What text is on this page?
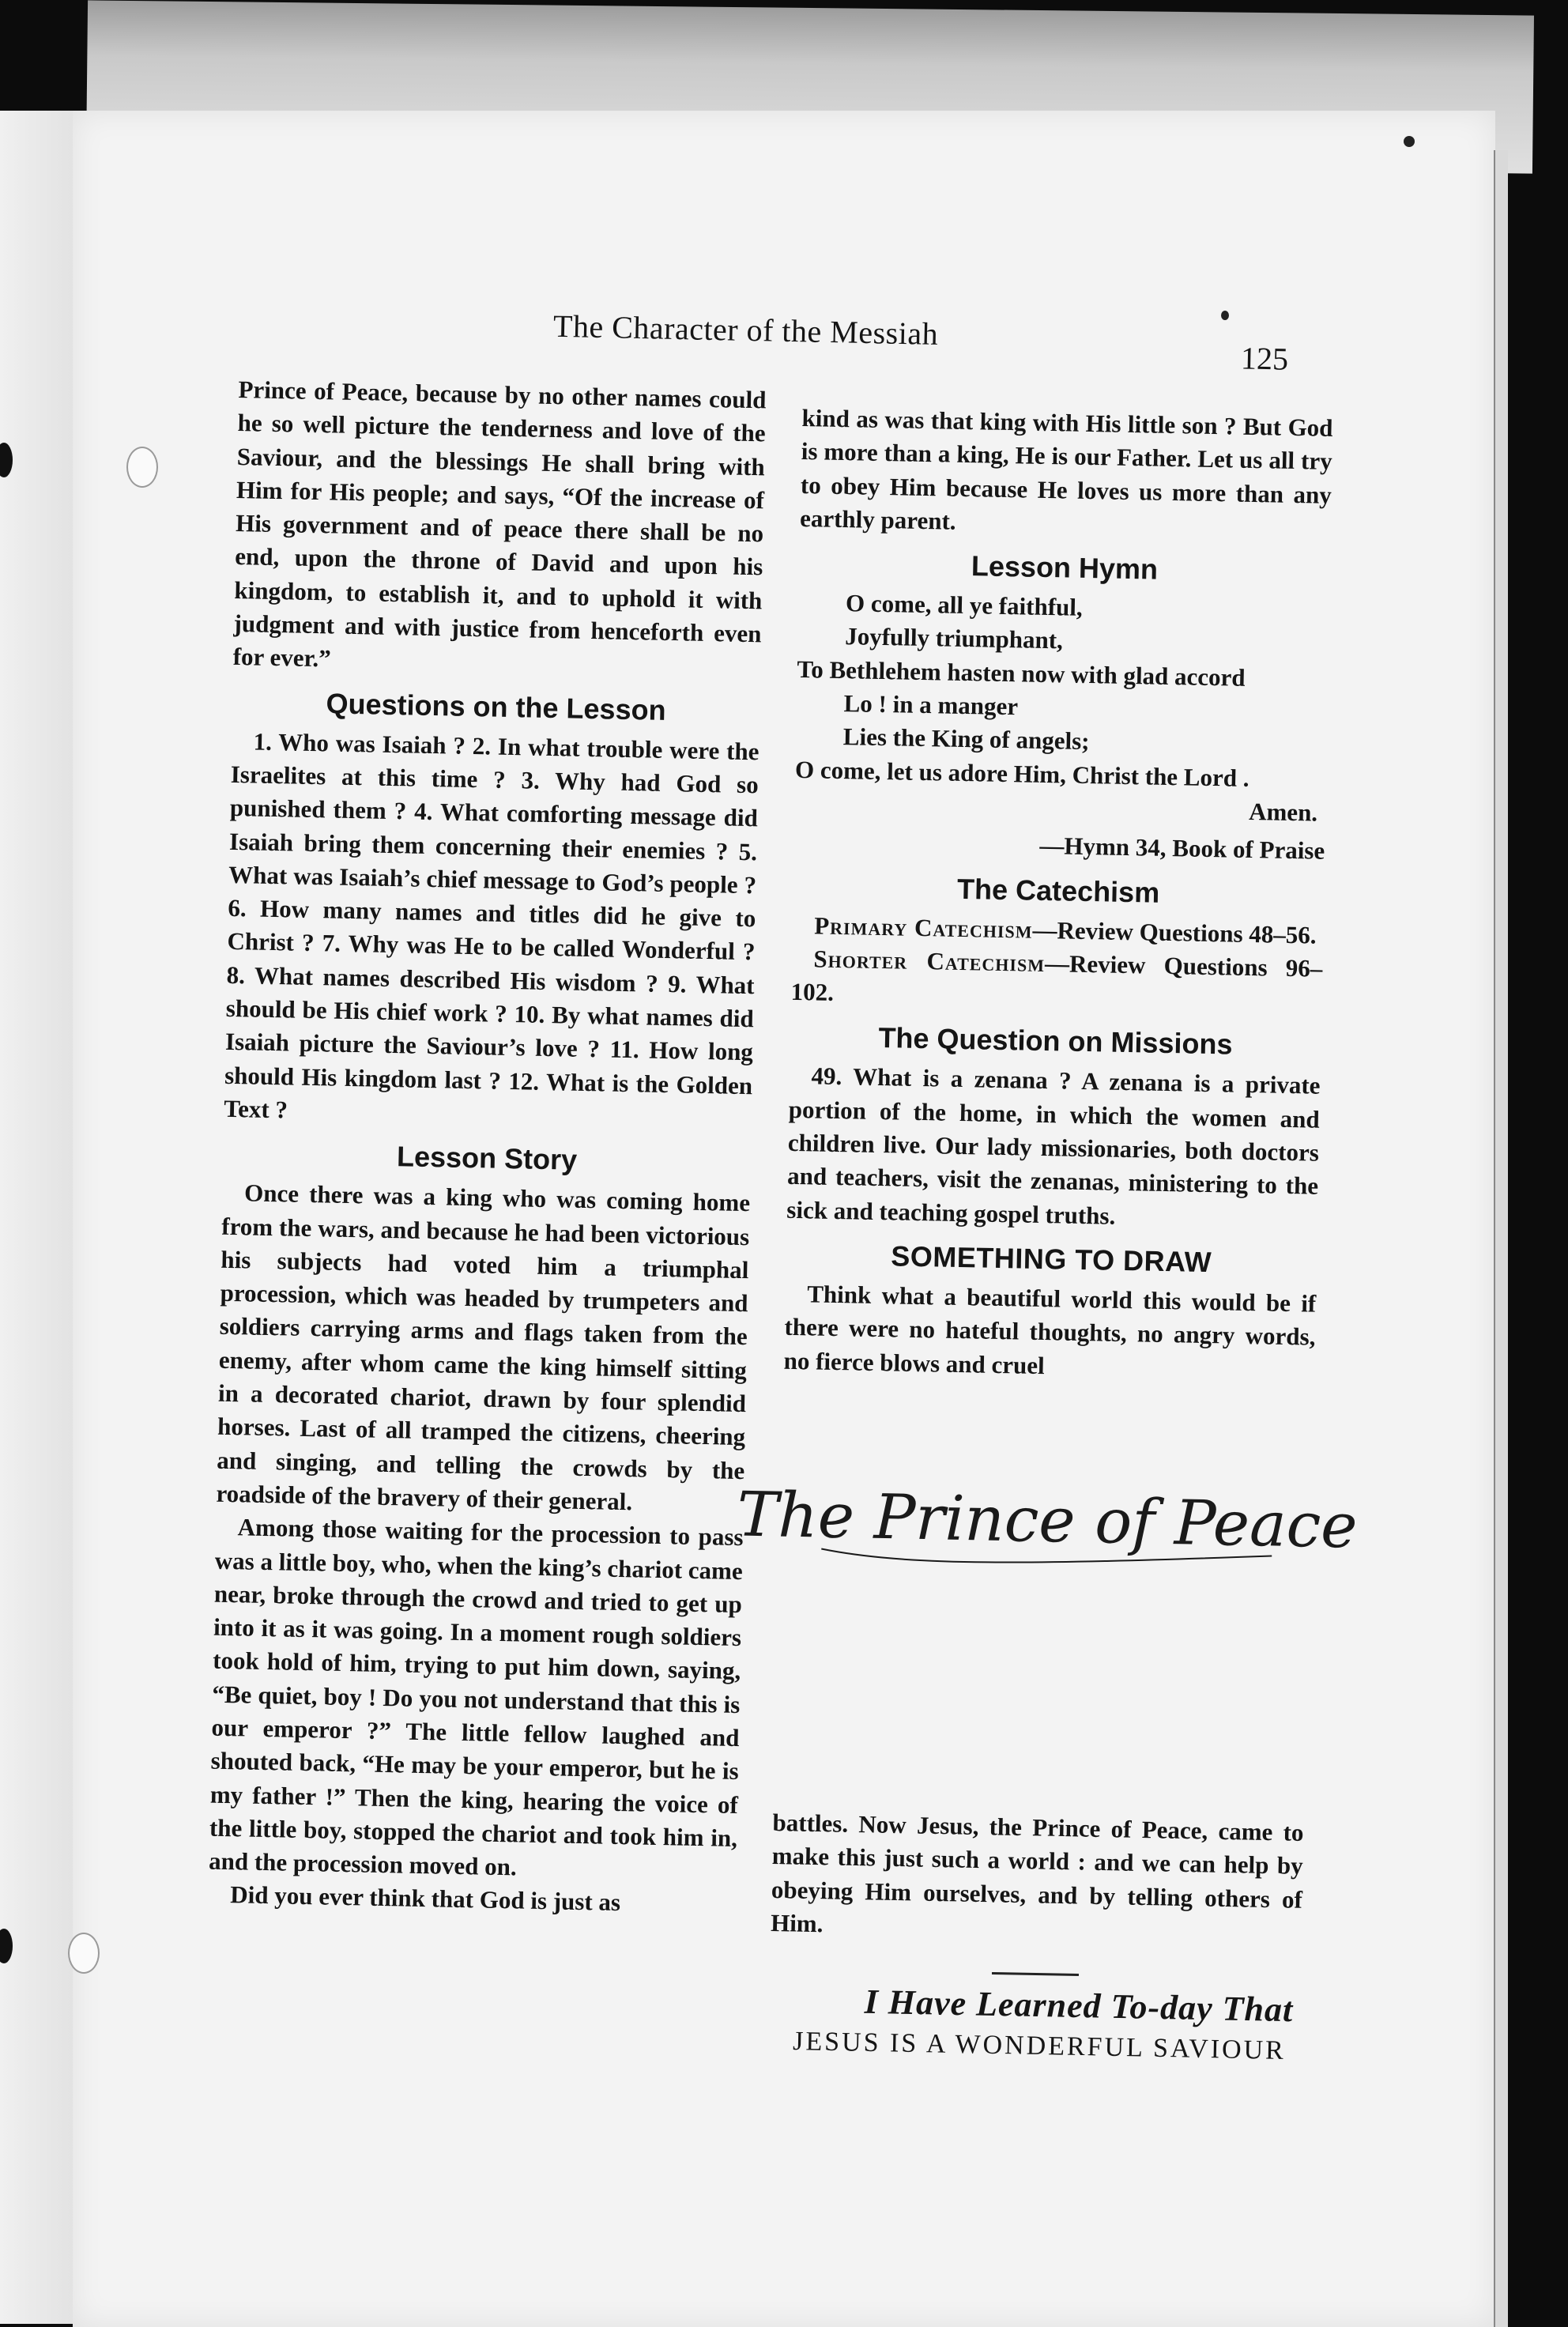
The Character of the Messiah
125

Prince of Peace, because by no other names could he so well picture the tenderness and love of the Saviour, and the blessings He shall bring with Him for His people; and says, “Of the increase of His government and of peace there shall be no end, upon the throne of David and upon his kingdom, to establish it, and to uphold it with judgment and with justice from henceforth even for ever.”

Questions on the Lesson

1. Who was Isaiah ? 2. In what trouble were the Israelites at this time ? 3. Why had God so punished them ? 4. What comforting message did Isaiah bring them concerning their enemies ? 5. What was Isaiah’s chief message to God’s people ? 6. How many names and titles did he give to Christ ? 7. Why was He to be called Wonderful ? 8. What names described His wisdom ? 9. What should be His chief work ? 10. By what names did Isaiah picture the Saviour’s love ? 11. How long should His kingdom last ? 12. What is the Golden Text ?

Lesson Story

Once there was a king who was coming home from the wars, and because he had been victorious his subjects had voted him a triumphal procession, which was headed by trumpeters and soldiers carrying arms and flags taken from the enemy, after whom came the king himself sitting in a decorated chariot, drawn by four splendid horses. Last of all tramped the citizens, cheering and singing, and telling the crowds by the roadside of the bravery of their general.

Among those waiting for the procession to pass was a little boy, who, when the king’s chariot came near, broke through the crowd and tried to get up into it as it was going. In a moment rough soldiers took hold of him, trying to put him down, saying, “Be quiet, boy ! Do you not understand that this is our emperor ?” The little fellow laughed and shouted back, “He may be your emperor, but he is my father !” Then the king, hearing the voice of the little boy, stopped the chariot and took him in, and the procession moved on.

Did you ever think that God is just as

kind as was that king with His little son ? But God is more than a king, He is our Father. Let us all try to obey Him because He loves us more than any earthly parent.

Lesson Hymn
O come, all ye faithful,
Joyfully triumphant,
To Bethlehem hasten now with glad accord
Lo ! in a manger
Lies the King of angels;
O come, let us adore Him, Christ the Lord .
Amen.
—Hymn 34, Book of Praise
The Catechism

Primary Catechism—Review Questions 48–56.

Shorter Catechism—Review Questions 96–102.

The Question on Missions

49. What is a zenana ? A zenana is a private portion of the home, in which the women and children live. Our lady missionaries, both doctors and teachers, visit the zenanas, ministering to the sick and teaching gospel truths.

SOMETHING TO DRAW

Think what a beautiful world this would be if there were no hateful thoughts, no angry words, no fierce blows and cruel

The Prince of Peace

battles. Now Jesus, the Prince of Peace, came to make this just such a world : and we can help by obeying Him ourselves, and by telling others of Him.

I Have Learned To-day That
JESUS IS A WONDERFUL SAVIOUR
